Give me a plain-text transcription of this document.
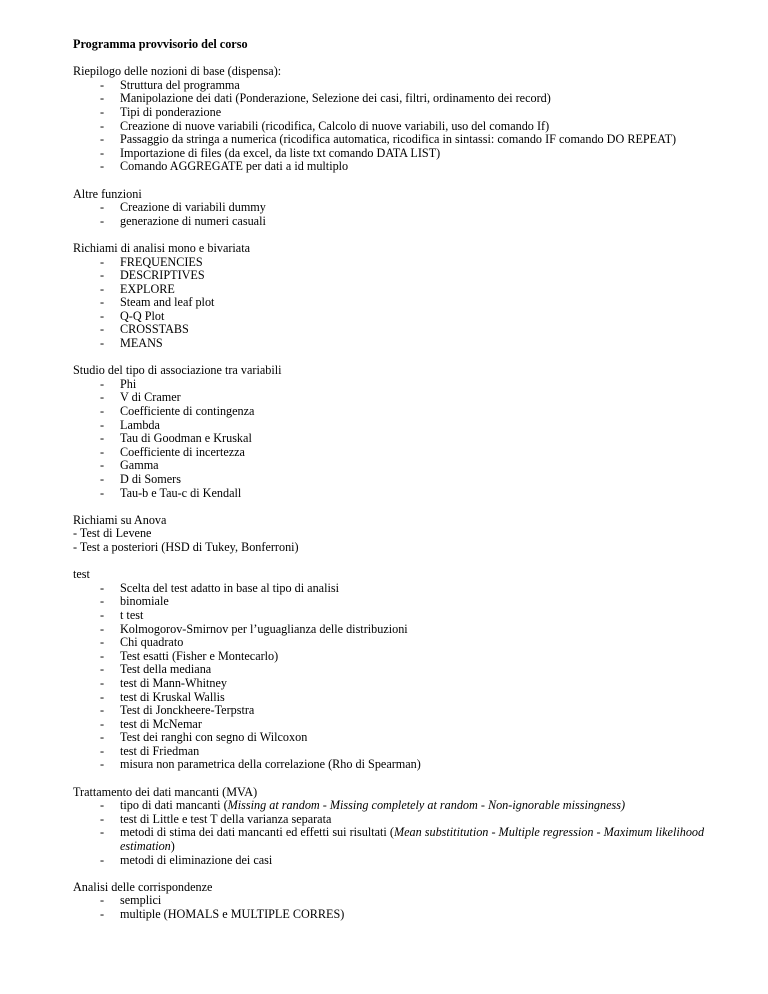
Programma provvisorio del corso

Riepilogo delle nozioni di base (dispensa):

- Struttura del programma
- Manipolazione dei dati (Ponderazione, Selezione dei casi, filtri, ordinamento dei record)
- Tipi di ponderazione
- Creazione di nuove variabili (ricodifica, Calcolo di nuove variabili, uso del comando If)
- Passaggio da stringa a numerica (ricodifica automatica, ricodifica in sintassi: comando IF comando DO REPEAT)
- Importazione di files (da excel, da liste txt comando DATA LIST)
- Comando AGGREGATE per dati a id multiplo

Altre funzioni

- Creazione di variabili dummy
- generazione di numeri casuali

Richiami di analisi mono e bivariata

- FREQUENCIES
- DESCRIPTIVES
- EXPLORE
- Steam and leaf plot
- Q-Q Plot
- CROSSTABS
- MEANS

Studio del tipo di associazione tra variabili

- Phi
- V di Cramer
- Coefficiente di contingenza
- Lambda
- Tau di Goodman e Kruskal
- Coefficiente di incertezza
- Gamma
- D di Somers
- Tau-b e Tau-c di Kendall

Richiami su Anova

- Test di Levene
- Test a posteriori (HSD di Tukey, Bonferroni)

test

- Scelta del test adatto in base al tipo di analisi
- binomiale
- t test
- Kolmogorov-Smirnov per l’uguaglianza delle distribuzioni
- Chi quadrato
- Test esatti (Fisher e Montecarlo)
- Test della mediana
- test di Mann-Whitney
- test di Kruskal Wallis
- Test di Jonckheere-Terpstra
- test di McNemar
- Test dei ranghi con segno di Wilcoxon
- test di Friedman
- misura non parametrica della correlazione (Rho di Spearman)

Trattamento dei dati mancanti (MVA)

- tipo di dati mancanti (Missing at random - Missing completely at random - Non-ignorable missingness)
- test di Little e test T della varianza separata
- metodi di stima dei dati mancanti ed effetti sui risultati (Mean substititution - Multiple regression - Maximum likelihood estimation)
- metodi di eliminazione dei casi

Analisi delle corrispondenze

- semplici
- multiple (HOMALS e MULTIPLE CORRES)
